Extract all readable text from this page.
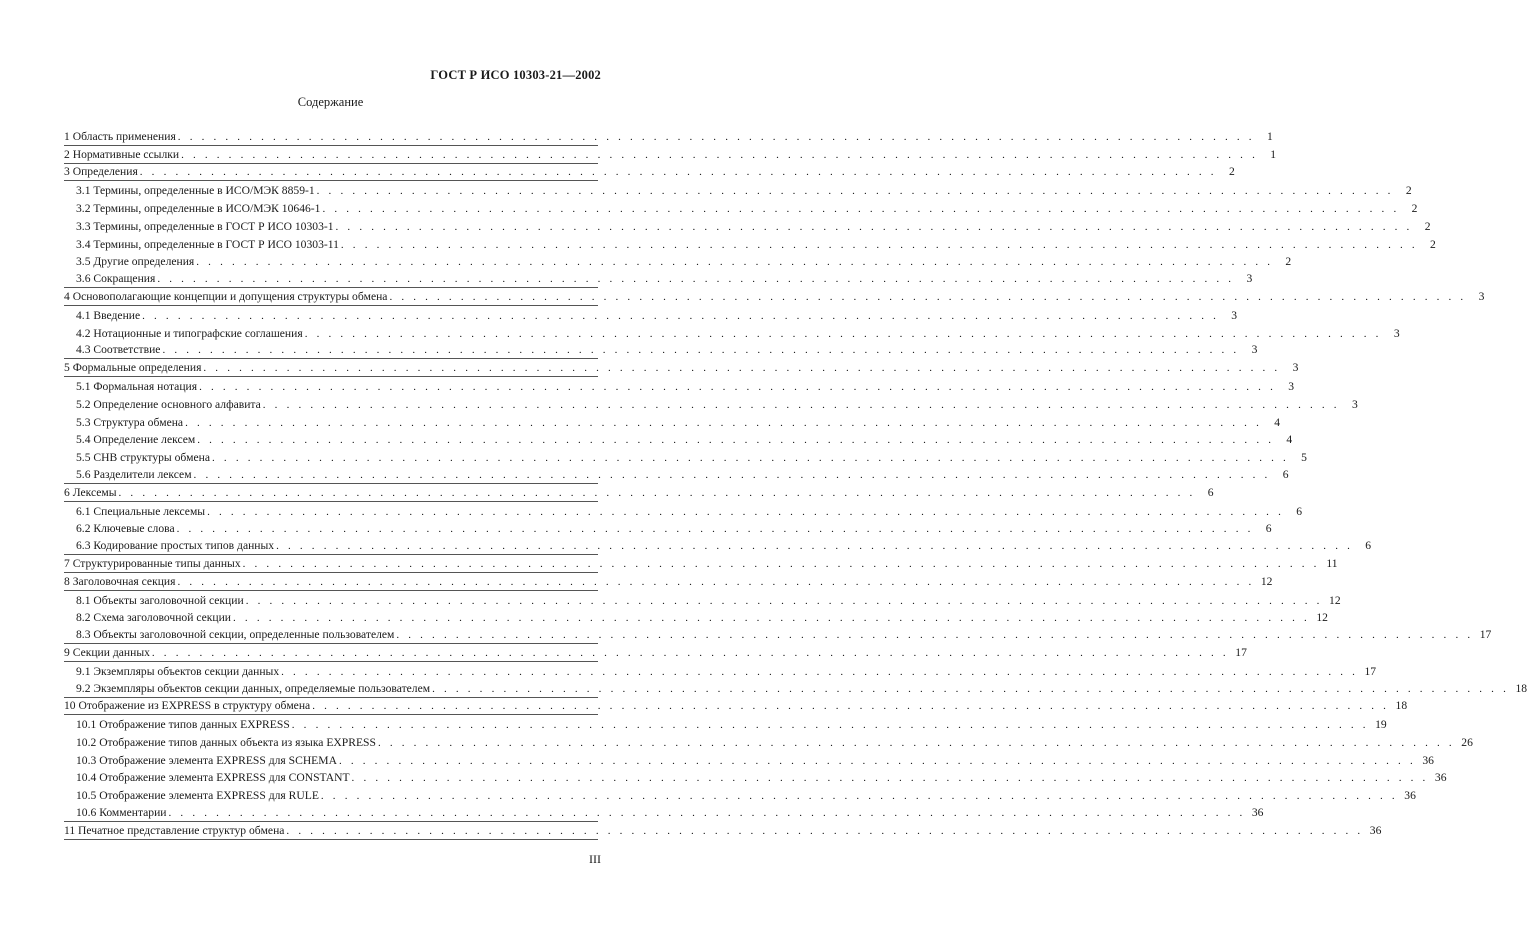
ГОСТ Р ИСО 10303-21—2002
Содержание
1 Область применения . . . . . . . . . . . . . . . . . . . . . . . . . . . . . . . . . . . . . . . . . . . . . . . . . . . . . . . . . . . . . . . . . . . . . . . . . . . . . . . . . . . . . . . . . . .	1
2 Нормативные ссылки . . . . . . . . . . . . . . . . . . . . . . . . . . . . . . . . . . . . . . . . . . . . . . . . . . . . . . . . . . . . . . . . . . . . . . . . . . . . . . . . . . . . . . . . . . .	1
3 Определения . . . . . . . . . . . . . . . . . . . . . . . . . . . . . . . . . . . . . . . . . . . . . . . . . . . . . . . . . . . . . . . . . . . . . . . . . . . . . . . . . . . . . . . . . . .	2
3.1 Термины, определенные в ИСО/МЭК 8859-1 . . . . . . . . . . . . . . . . . . . . . . . . . . . . . . . . . . . . . . . . . . . . . . . . . . . . . . . . . . . . . . . . . . . . . . . . . . . . . . . . . . . . . . . . . . .	2
3.2 Термины, определенные в ИСО/МЭК 10646-1 . . . . . . . . . . . . . . . . . . . . . . . . . . . . . . . . . . . . . . . . . . . . . . . . . . . . . . . . . . . . . . . . . . . . . . . . . . . . . . . . . . . . . . . . . . .	2
3.3 Термины, определенные в ГОСТ Р ИСО 10303-1 . . . . . . . . . . . . . . . . . . . . . . . . . . . . . . . . . . . . . . . . . . . . . . . . . . . . . . . . . . . . . . . . . . . . . . . . . . . . . . . . . . . . . . . . . . .	2
3.4 Термины, определенные в ГОСТ Р ИСО 10303-11 . . . . . . . . . . . . . . . . . . . . . . . . . . . . . . . . . . . . . . . . . . . . . . . . . . . . . . . . . . . . . . . . . . . . . . . . . . . . . . . . . . . . . . . . . . .	2
3.5 Другие определения . . . . . . . . . . . . . . . . . . . . . . . . . . . . . . . . . . . . . . . . . . . . . . . . . . . . . . . . . . . . . . . . . . . . . . . . . . . . . . . . . . . . . . . . . . .	2
3.6 Сокращения . . . . . . . . . . . . . . . . . . . . . . . . . . . . . . . . . . . . . . . . . . . . . . . . . . . . . . . . . . . . . . . . . . . . . . . . . . . . . . . . . . . . . . . . . . .	3
4 Основополагающие концепции и допущения структуры обмена . . . . . . . . . . . . . . . . . . . . . . . . . . . . . . . . . . . . . . . . . . . . . . . . . . . . . . . . . . . . . . . . . . . . . . . . . . . . . . . . . . . . . . . . . . .	3
4.1 Введение . . . . . . . . . . . . . . . . . . . . . . . . . . . . . . . . . . . . . . . . . . . . . . . . . . . . . . . . . . . . . . . . . . . . . . . . . . . . . . . . . . . . . . . . . . .	3
4.2 Нотационные и типографские соглашения . . . . . . . . . . . . . . . . . . . . . . . . . . . . . . . . . . . . . . . . . . . . . . . . . . . . . . . . . . . . . . . . . . . . . . . . . . . . . . . . . . . . . . . . . . .	3
4.3 Соответствие . . . . . . . . . . . . . . . . . . . . . . . . . . . . . . . . . . . . . . . . . . . . . . . . . . . . . . . . . . . . . . . . . . . . . . . . . . . . . . . . . . . . . . . . . . .	3
5 Формальные определения . . . . . . . . . . . . . . . . . . . . . . . . . . . . . . . . . . . . . . . . . . . . . . . . . . . . . . . . . . . . . . . . . . . . . . . . . . . . . . . . . . . . . . . . . . .	3
5.1 Формальная нотация . . . . . . . . . . . . . . . . . . . . . . . . . . . . . . . . . . . . . . . . . . . . . . . . . . . . . . . . . . . . . . . . . . . . . . . . . . . . . . . . . . . . . . . . . . .	3
5.2 Определение основного алфавита . . . . . . . . . . . . . . . . . . . . . . . . . . . . . . . . . . . . . . . . . . . . . . . . . . . . . . . . . . . . . . . . . . . . . . . . . . . . . . . . . . . . . . . . . . .	3
5.3 Структура обмена . . . . . . . . . . . . . . . . . . . . . . . . . . . . . . . . . . . . . . . . . . . . . . . . . . . . . . . . . . . . . . . . . . . . . . . . . . . . . . . . . . . . . . . . . . .	4
5.4 Определение лексем . . . . . . . . . . . . . . . . . . . . . . . . . . . . . . . . . . . . . . . . . . . . . . . . . . . . . . . . . . . . . . . . . . . . . . . . . . . . . . . . . . . . . . . . . . .	4
5.5 СНВ структуры обмена . . . . . . . . . . . . . . . . . . . . . . . . . . . . . . . . . . . . . . . . . . . . . . . . . . . . . . . . . . . . . . . . . . . . . . . . . . . . . . . . . . . . . . . . . . .	5
5.6 Разделители лексем . . . . . . . . . . . . . . . . . . . . . . . . . . . . . . . . . . . . . . . . . . . . . . . . . . . . . . . . . . . . . . . . . . . . . . . . . . . . . . . . . . . . . . . . . . .	6
6 Лексемы . . . . . . . . . . . . . . . . . . . . . . . . . . . . . . . . . . . . . . . . . . . . . . . . . . . . . . . . . . . . . . . . . . . . . . . . . . . . . . . . . . . . . . . . . . .	6
6.1 Специальные лексемы . . . . . . . . . . . . . . . . . . . . . . . . . . . . . . . . . . . . . . . . . . . . . . . . . . . . . . . . . . . . . . . . . . . . . . . . . . . . . . . . . . . . . . . . . . .	6
6.2 Ключевые слова . . . . . . . . . . . . . . . . . . . . . . . . . . . . . . . . . . . . . . . . . . . . . . . . . . . . . . . . . . . . . . . . . . . . . . . . . . . . . . . . . . . . . . . . . . .	6
6.3 Кодирование простых типов данных . . . . . . . . . . . . . . . . . . . . . . . . . . . . . . . . . . . . . . . . . . . . . . . . . . . . . . . . . . . . . . . . . . . . . . . . . . . . . . . . . . . . . . . . . . .	6
7 Структурированные типы данных . . . . . . . . . . . . . . . . . . . . . . . . . . . . . . . . . . . . . . . . . . . . . . . . . . . . . . . . . . . . . . . . . . . . . . . . . . . . . . . . . . . . . . . . . . . 11
8 Заголовочная секция . . . . . . . . . . . . . . . . . . . . . . . . . . . . . . . . . . . . . . . . . . . . . . . . . . . . . . . . . . . . . . . . . . . . . . . . . . . . . . . . . . . . . . . . . . . 12
8.1 Объекты заголовочной секции . . . . . . . . . . . . . . . . . . . . . . . . . . . . . . . . . . . . . . . . . . . . . . . . . . . . . . . . . . . . . . . . . . . . . . . . . . . . . . . . . . . . . . . . . . . 12
8.2 Схема заголовочной секции . . . . . . . . . . . . . . . . . . . . . . . . . . . . . . . . . . . . . . . . . . . . . . . . . . . . . . . . . . . . . . . . . . . . . . . . . . . . . . . . . . . . . . . . . . . 12
8.3 Объекты заголовочной секции, определенные пользователем . . . . . . . . . . . . . . . . . . . . . . . . . . . . . . . . . . . . . . . . . . . . . . . . . . . . . . . . . . . . . . . . . . . . . . . . . . . . . . . . . . . . . . . . . . . 17
9 Секции данных . . . . . . . . . . . . . . . . . . . . . . . . . . . . . . . . . . . . . . . . . . . . . . . . . . . . . . . . . . . . . . . . . . . . . . . . . . . . . . . . . . . . . . . . . . . 17
9.1 Экземпляры объектов секции данных . . . . . . . . . . . . . . . . . . . . . . . . . . . . . . . . . . . . . . . . . . . . . . . . . . . . . . . . . . . . . . . . . . . . . . . . . . . . . . . . . . . . . . . . . . . 17
9.2 Экземпляры объектов секции данных, определяемые пользователем . . . . . . . . . . . . . . . . . . . . . . . . . . . . . . . . . . . . . . . . . . . . . . . . . . . . . . . . . . . . . . . . . . . . . . . . . . . . . . . . . . . . . . . . . . . 18
10 Отображение из EXPRESS в структуру обмена . . . . . . . . . . . . . . . . . . . . . . . . . . . . . . . . . . . . . . . . . . . . . . . . . . . . . . . . . . . . . . . . . . . . . . . . . . . . . . . . . . . . . . . . . . . 18
10.1 Отображение типов данных EXPRESS . . . . . . . . . . . . . . . . . . . . . . . . . . . . . . . . . . . . . . . . . . . . . . . . . . . . . . . . . . . . . . . . . . . . . . . . . . . . . . . . . . . . . . . . . . . 19
10.2 Отображение типов данных объекта из языка EXPRESS . . . . . . . . . . . . . . . . . . . . . . . . . . . . . . . . . . . . . . . . . . . . . . . . . . . . . . . . . . . . . . . . . . . . . . . . . . . . . . . . . . . . . . . . . . . 26
10.3 Отображение элемента EXPRESS для SCHEMA . . . . . . . . . . . . . . . . . . . . . . . . . . . . . . . . . . . . . . . . . . . . . . . . . . . . . . . . . . . . . . . . . . . . . . . . . . . . . . . . . . . . . . . . . . . 36
10.4 Отображение элемента EXPRESS для CONSTANT . . . . . . . . . . . . . . . . . . . . . . . . . . . . . . . . . . . . . . . . . . . . . . . . . . . . . . . . . . . . . . . . . . . . . . . . . . . . . . . . . . . . . . . . . . . 36
10.5 Отображение элемента EXPRESS для RULE . . . . . . . . . . . . . . . . . . . . . . . . . . . . . . . . . . . . . . . . . . . . . . . . . . . . . . . . . . . . . . . . . . . . . . . . . . . . . . . . . . . . . . . . . . . 36
10.6 Комментарии . . . . . . . . . . . . . . . . . . . . . . . . . . . . . . . . . . . . . . . . . . . . . . . . . . . . . . . . . . . . . . . . . . . . . . . . . . . . . . . . . . . . . . . . . . . 36
11 Печатное представление структур обмена . . . . . . . . . . . . . . . . . . . . . . . . . . . . . . . . . . . . . . . . . . . . . . . . . . . . . . . . . . . . . . . . . . . . . . . . . . . . . . . . . . . . . . . . . . . 36
III
